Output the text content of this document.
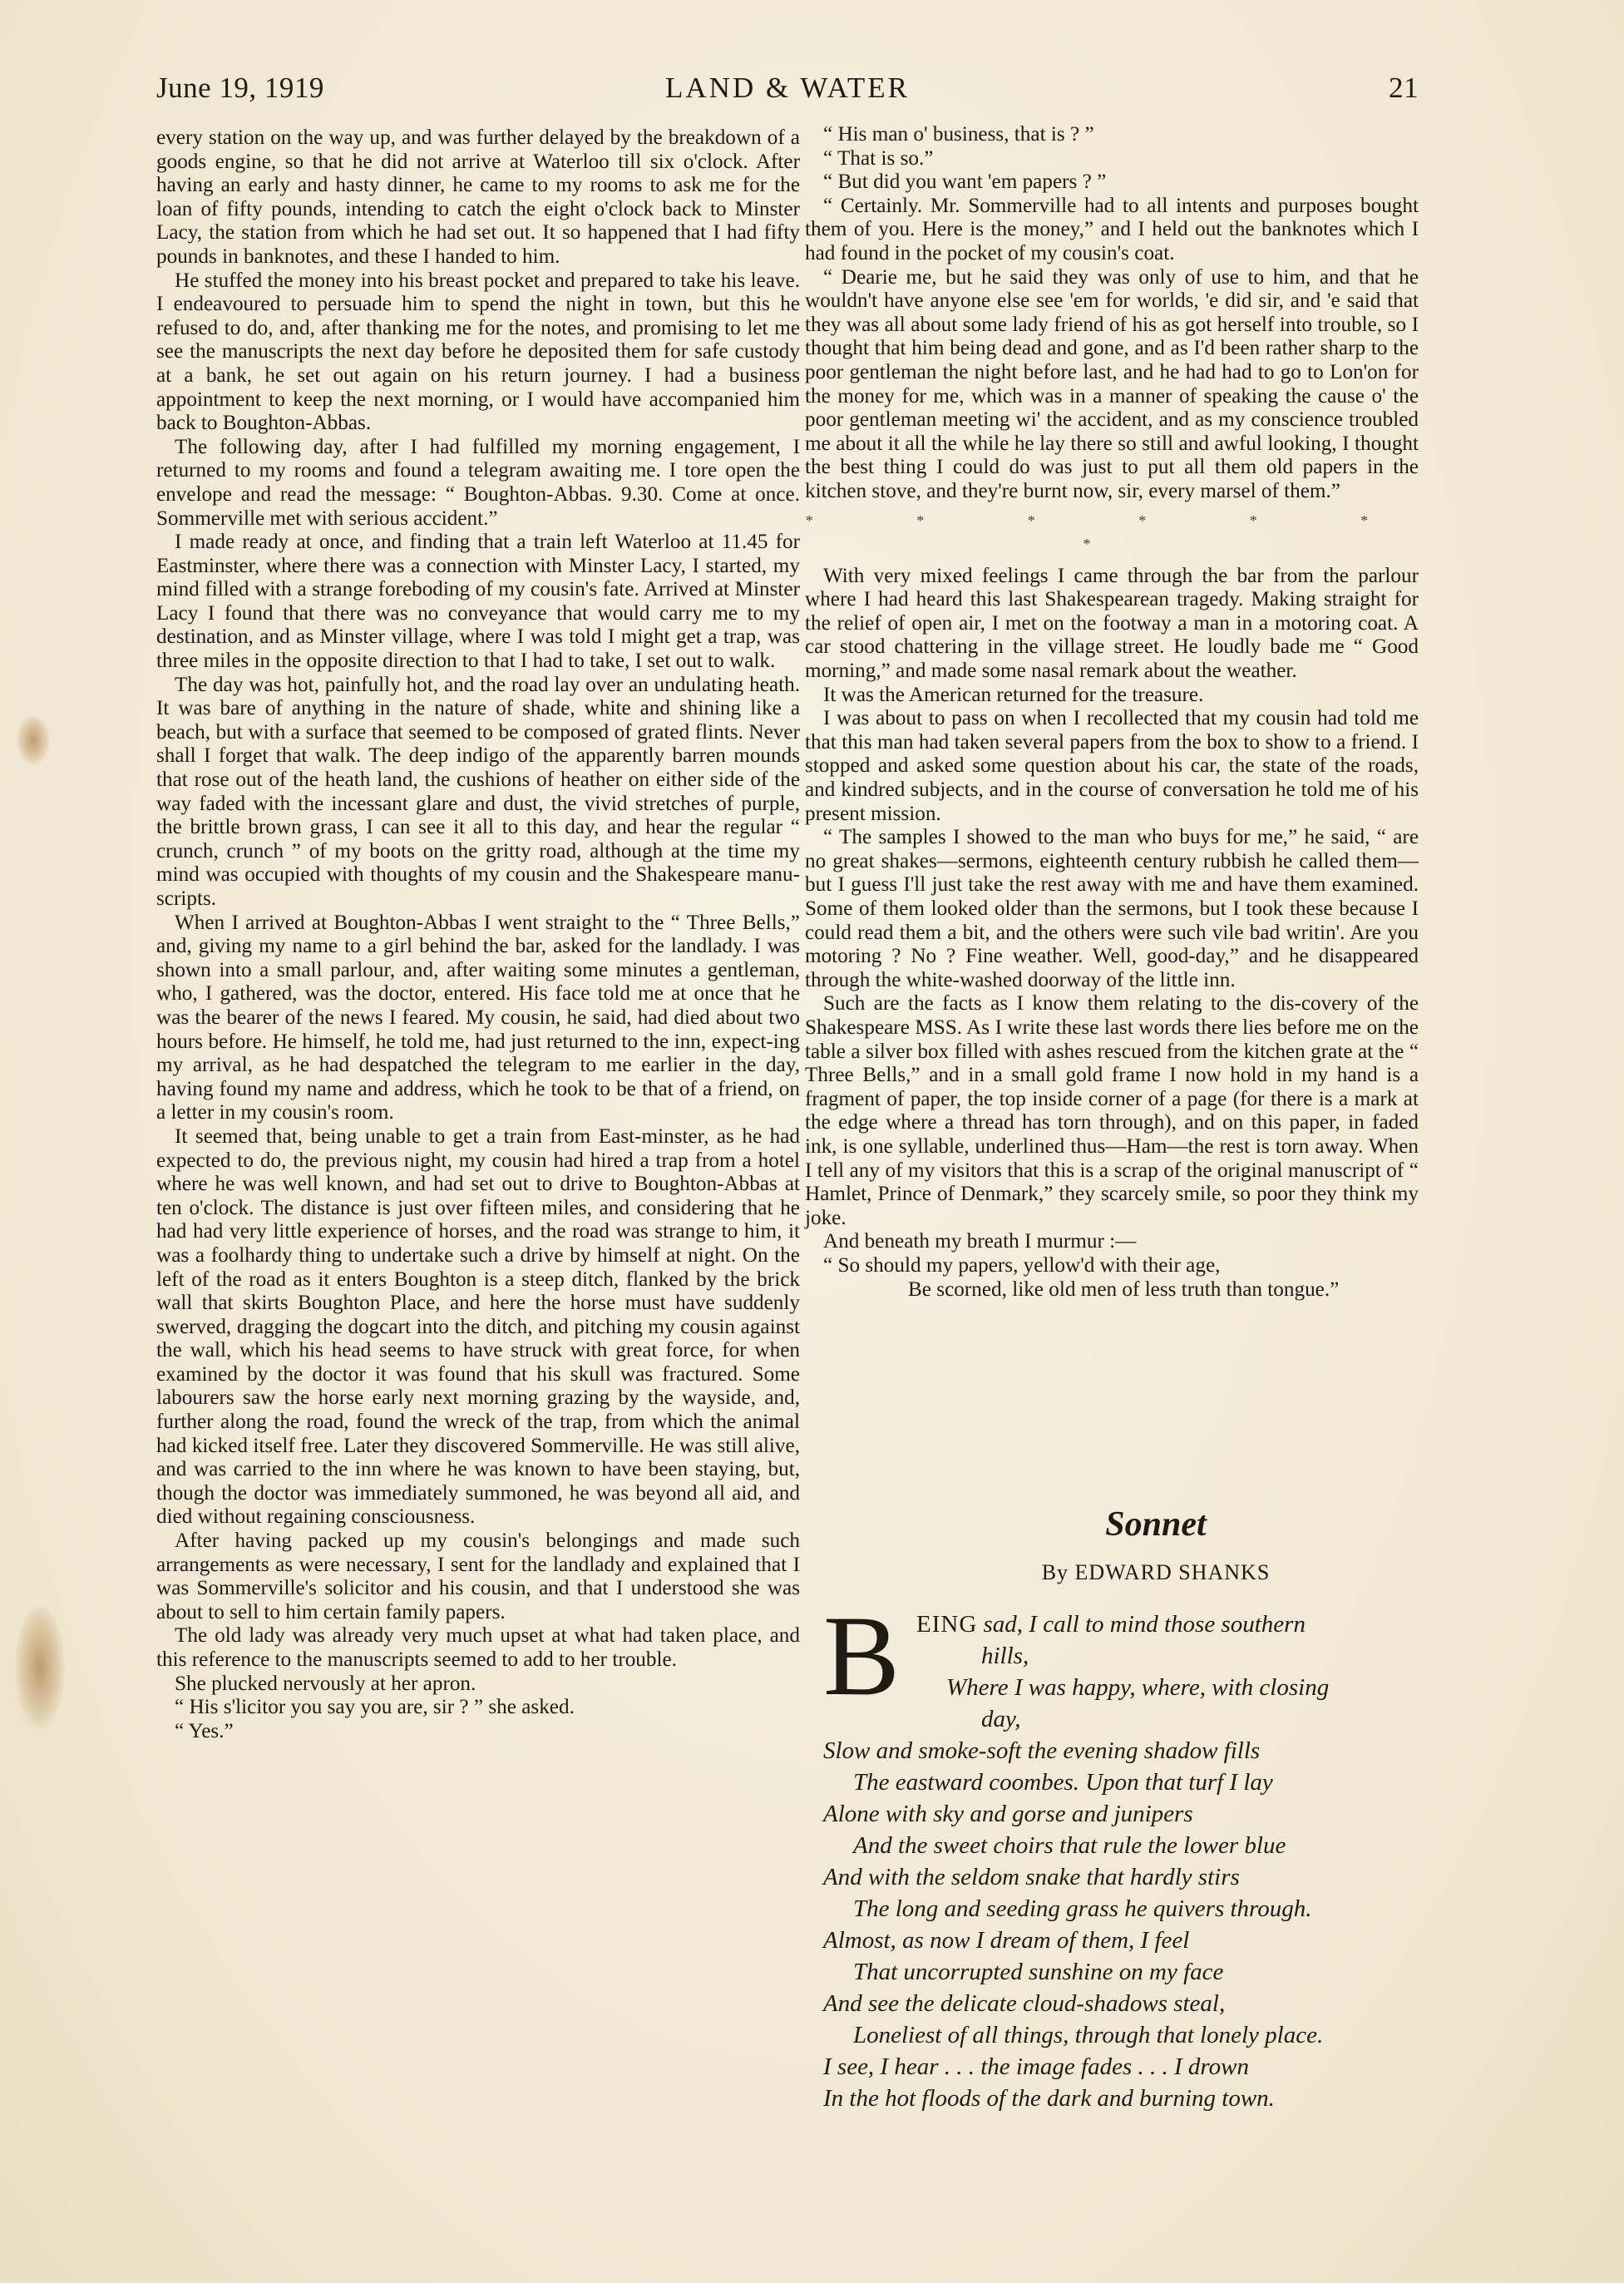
June 19, 1919	LAND & WATER	21

every station on the way up, and was further delayed by the breakdown of a goods engine, so that he did not arrive at Waterloo till six o'clock. After having an early and hasty dinner, he came to my rooms to ask me for the loan of fifty pounds, intending to catch the eight o'clock back to Minster Lacy, the station from which he had set out. It so happened that I had fifty pounds in banknotes, and these I handed to him.

He stuffed the money into his breast pocket and prepared to take his leave. I endeavoured to persuade him to spend the night in town, but this he refused to do, and, after thanking me for the notes, and promising to let me see the manuscripts the next day before he deposited them for safe custody at a bank, he set out again on his return journey. I had a business appointment to keep the next morning, or I would have accompanied him back to Boughton-Abbas.

The following day, after I had fulfilled my morning engagement, I returned to my rooms and found a telegram awaiting me. I tore open the envelope and read the message: “ Boughton-Abbas. 9.30. Come at once. Sommerville met with serious accident.”

I made ready at once, and finding that a train left Waterloo at 11.45 for Eastminster, where there was a connection with Minster Lacy, I started, my mind filled with a strange foreboding of my cousin's fate. Arrived at Minster Lacy I found that there was no conveyance that would carry me to my destination, and as Minster village, where I was told I might get a trap, was three miles in the opposite direction to that I had to take, I set out to walk.

The day was hot, painfully hot, and the road lay over an undulating heath. It was bare of anything in the nature of shade, white and shining like a beach, but with a surface that seemed to be composed of grated flints. Never shall I forget that walk. The deep indigo of the apparently barren mounds that rose out of the heath land, the cushions of heather on either side of the way faded with the incessant glare and dust, the vivid stretches of purple, the brittle brown grass, I can see it all to this day, and hear the regular “ crunch, crunch ” of my boots on the gritty road, although at the time my mind was occupied with thoughts of my cousin and the Shakespeare manu-scripts.

When I arrived at Boughton-Abbas I went straight to the “ Three Bells,” and, giving my name to a girl behind the bar, asked for the landlady. I was shown into a small parlour, and, after waiting some minutes a gentleman, who, I gathered, was the doctor, entered. His face told me at once that he was the bearer of the news I feared. My cousin, he said, had died about two hours before. He himself, he told me, had just returned to the inn, expect-ing my arrival, as he had despatched the telegram to me earlier in the day, having found my name and address, which he took to be that of a friend, on a letter in my cousin's room.

It seemed that, being unable to get a train from East-minster, as he had expected to do, the previous night, my cousin had hired a trap from a hotel where he was well known, and had set out to drive to Boughton-Abbas at ten o'clock. The distance is just over fifteen miles, and considering that he had had very little experience of horses, and the road was strange to him, it was a foolhardy thing to undertake such a drive by himself at night. On the left of the road as it enters Boughton is a steep ditch, flanked by the brick wall that skirts Boughton Place, and here the horse must have suddenly swerved, dragging the dogcart into the ditch, and pitching my cousin against the wall, which his head seems to have struck with great force, for when examined by the doctor it was found that his skull was fractured. Some labourers saw the horse early next morning grazing by the wayside, and, further along the road, found the wreck of the trap, from which the animal had kicked itself free. Later they discovered Sommerville. He was still alive, and was carried to the inn where he was known to have been staying, but, though the doctor was immediately summoned, he was beyond all aid, and died without regaining consciousness.

After having packed up my cousin's belongings and made such arrangements as were necessary, I sent for the landlady and explained that I was Sommerville's solicitor and his cousin, and that I understood she was about to sell to him certain family papers.

The old lady was already very much upset at what had taken place, and this reference to the manuscripts seemed to add to her trouble.

She plucked nervously at her apron.

“ His s'licitor you say you are, sir ? ” she asked.

“ Yes.”

“ His man o' business, that is ? ”

“ That is so.”

“ But did you want 'em papers ? ”

“ Certainly. Mr. Sommerville had to all intents and purposes bought them of you. Here is the money,” and I held out the banknotes which I had found in the pocket of my cousin's coat.

“ Dearie me, but he said they was only of use to him, and that he wouldn't have anyone else see 'em for worlds, 'e did sir, and 'e said that they was all about some lady friend of his as got herself into trouble, so I thought that him being dead and gone, and as I'd been rather sharp to the poor gentleman the night before last, and he had had to go to Lon'on for the money for me, which was in a manner of speaking the cause o' the poor gentleman meeting wi' the accident, and as my conscience troubled me about it all the while he lay there so still and awful looking, I thought the best thing I could do was just to put all them old papers in the kitchen stove, and they're burnt now, sir, every marsel of them.”

* * * * * * *

With very mixed feelings I came through the bar from the parlour where I had heard this last Shakespearean tragedy. Making straight for the relief of open air, I met on the footway a man in a motoring coat. A car stood chattering in the village street. He loudly bade me “ Good morning,” and made some nasal remark about the weather.

It was the American returned for the treasure.

I was about to pass on when I recollected that my cousin had told me that this man had taken several papers from the box to show to a friend. I stopped and asked some question about his car, the state of the roads, and kindred subjects, and in the course of conversation he told me of his present mission.

“ The samples I showed to the man who buys for me,” he said, “ are no great shakes—sermons, eighteenth century rubbish he called them—but I guess I'll just take the rest away with me and have them examined. Some of them looked older than the sermons, but I took these because I could read them a bit, and the others were such vile bad writin'. Are you motoring ? No ? Fine weather. Well, good-day,” and he disappeared through the white-washed doorway of the little inn.

Such are the facts as I know them relating to the dis-covery of the Shakespeare MSS. As I write these last words there lies before me on the table a silver box filled with ashes rescued from the kitchen grate at the “ Three Bells,” and in a small gold frame I now hold in my hand is a fragment of paper, the top inside corner of a page (for there is a mark at the edge where a thread has torn through), and on this paper, in faded ink, is one syllable, underlined thus—Ham—the rest is torn away. When I tell any of my visitors that this is a scrap of the original manuscript of “ Hamlet, Prince of Denmark,” they scarcely smile, so poor they think my joke.

And beneath my breath I murmur :—

“ So should my papers, yellow'd with their age,

Be scorned, like old men of less truth than tongue.”

Sonnet
By EDWARD SHANKS
B EING sad, I call to mind those southern

hills,

Where I was happy, where, with closing

day,

Slow and smoke-soft the evening shadow fills

The eastward coombes. Upon that turf I lay

Alone with sky and gorse and junipers

And the sweet choirs that rule the lower blue

And with the seldom snake that hardly stirs

The long and seeding grass he quivers through.

Almost, as now I dream of them, I feel

That uncorrupted sunshine on my face

And see the delicate cloud-shadows steal,

Loneliest of all things, through that lonely place.

I see, I hear . . . the image fades . . . I drown

In the hot floods of the dark and burning town.
